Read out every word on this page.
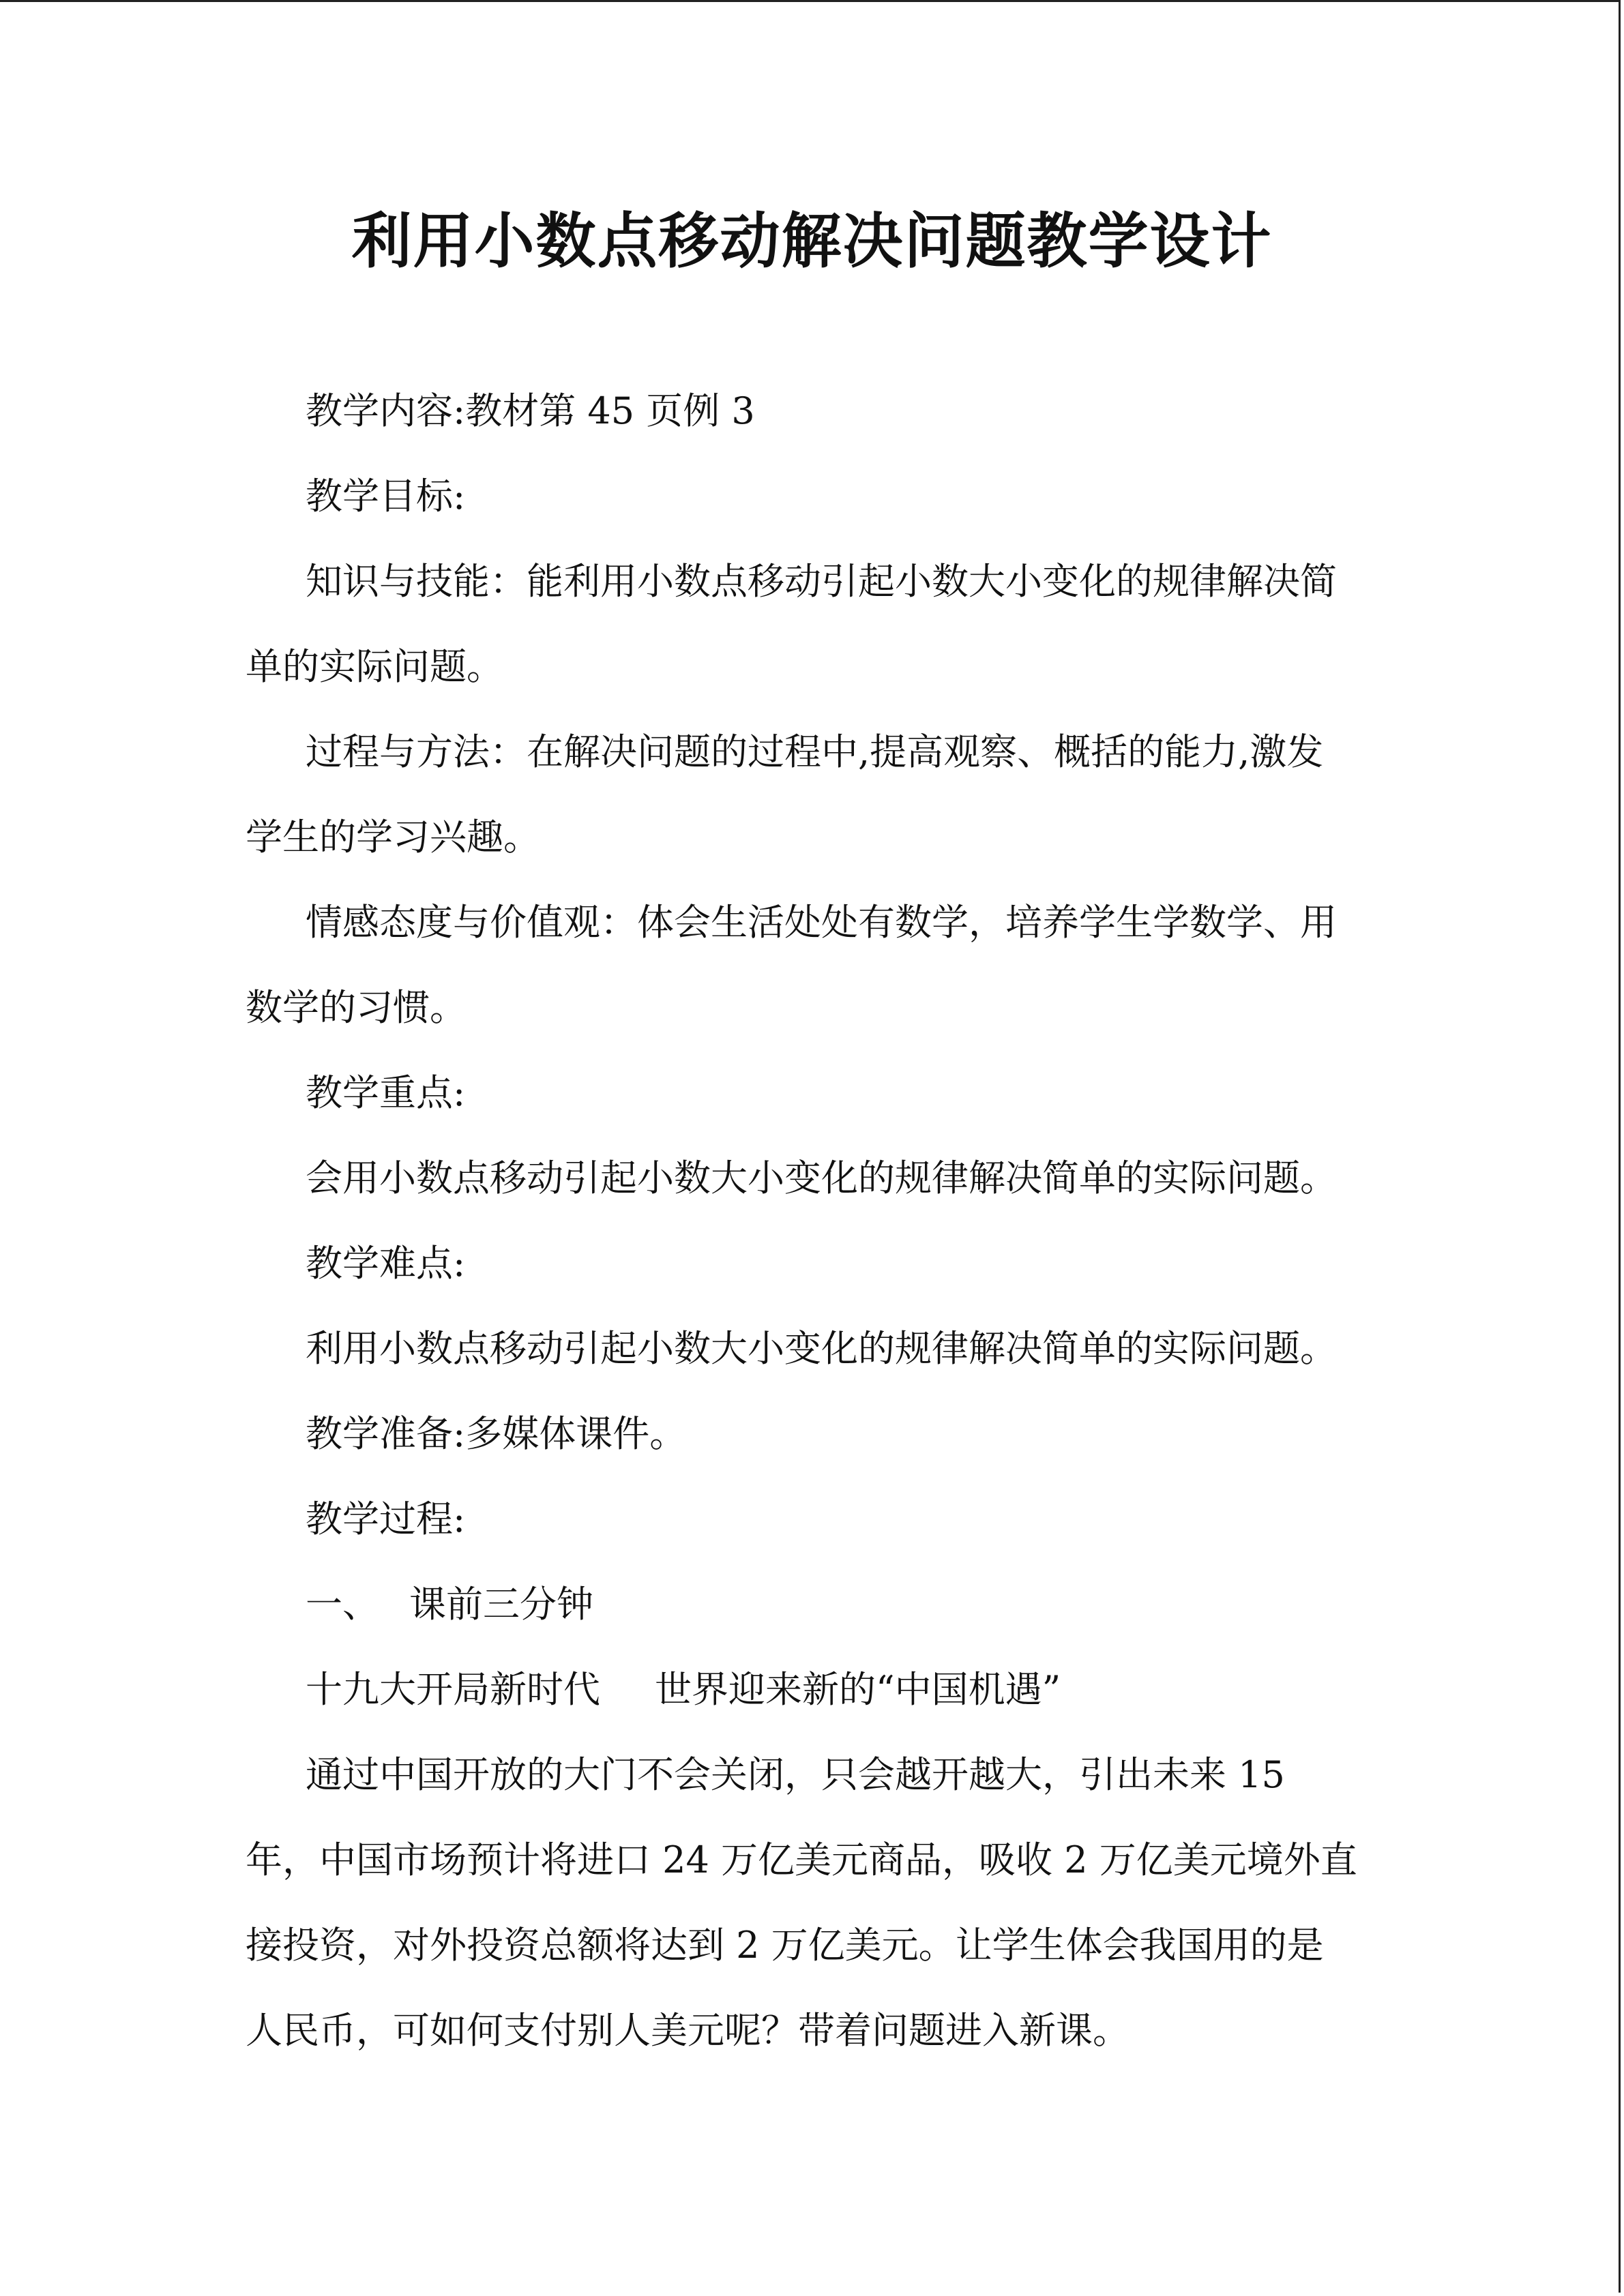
利用小数点移动解决问题教学设计
教学内容:教材第 45 页例 3
教学目标:
知识与技能：能利用小数点移动引起小数大小变化的规律解决简
单的实际问题。
过程与方法：在解决问题的过程中,提高观察、概括的能力,激发
学生的学习兴趣。
情感态度与价值观：体会生活处处有数学，培养学生学数学、用
数学的习惯。
教学重点:
会用小数点移动引起小数大小变化的规律解决简单的实际问题。
教学难点:
利用小数点移动引起小数大小变化的规律解决简单的实际问题。
教学准备:多媒体课件。
教学过程:
一、 课前三分钟
十九大开局新时代 世界迎来新的“中国机遇”
通过中国开放的大门不会关闭，只会越开越大，引出未来 15
年，中国市场预计将进口 24 万亿美元商品，吸收 2 万亿美元境外直
接投资，对外投资总额将达到 2 万亿美元。让学生体会我国用的是
人民币，可如何支付别人美元呢？带着问题进入新课。
